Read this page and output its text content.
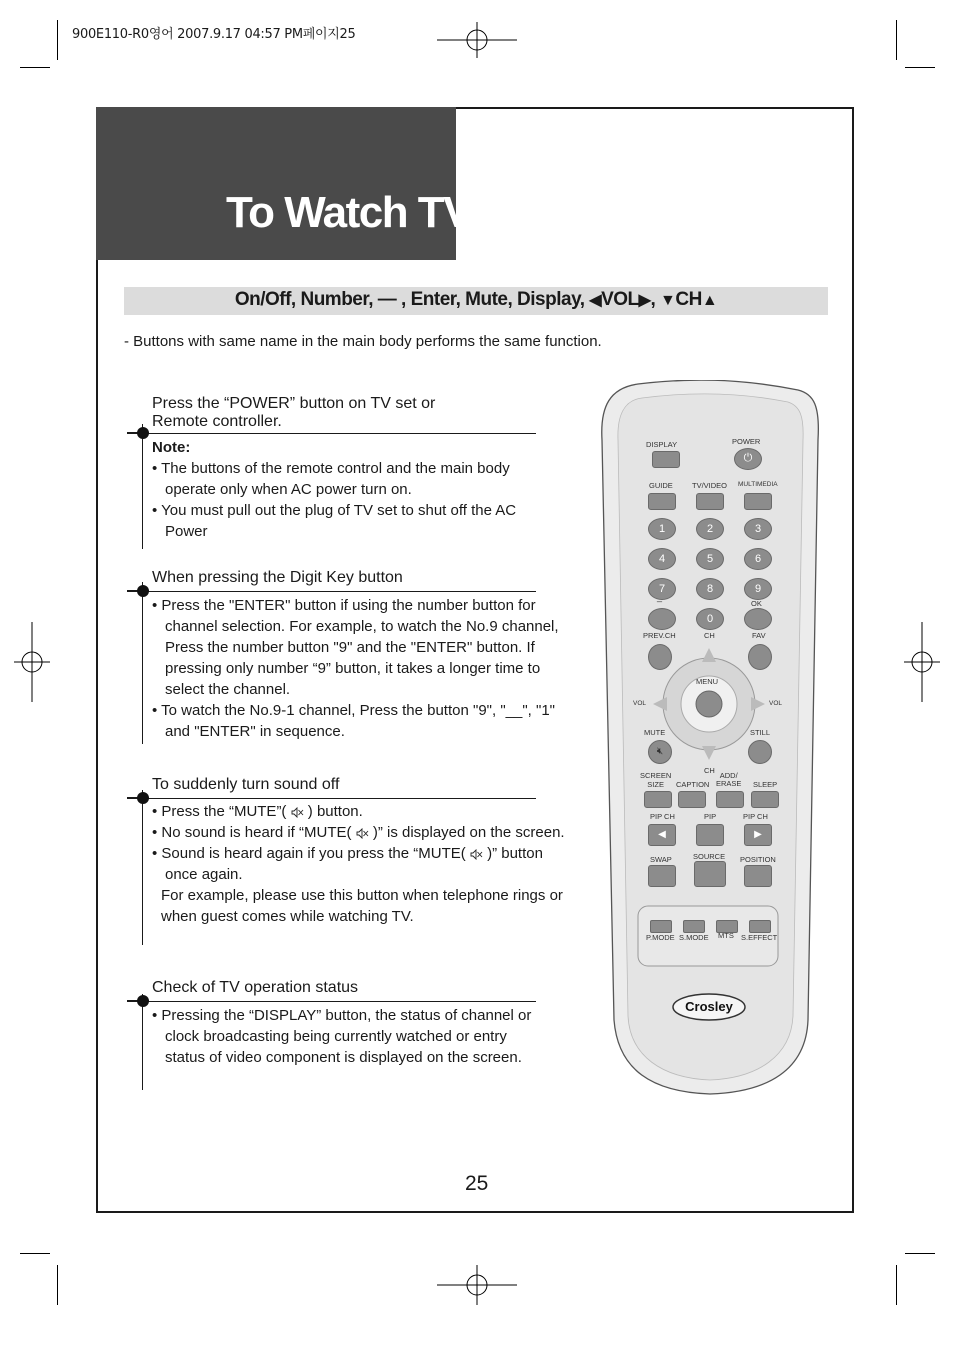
900E110-R0영어 2007.9.17 04:57 PM페이지25
To Watch TV
On/Off, Number, — , Enter, Mute, Display, ◀VOL▶, ▼CH▲
- Buttons with same name in the main body performs the same function.
Press the “POWER” button on TV set or
Remote controller.

Note:

• The buttons of the remote control and the main body operate only when AC power turn on.

• You must pull out the plug of TV set to shut off the AC Power

When pressing the Digit Key button

• Press the "ENTER" button if using the number button for channel selection. For example, to watch the No.9 channel, Press the number button "9" and the "ENTER" button. If pressing only number “9” button, it takes a longer time to select the channel.

• To watch the No.9-1 channel, Press the button "9", "__", "1" and "ENTER" in sequence.

To suddenly turn sound off

• Press the “MUTE”( ) button.

• No sound is heard if “MUTE( )” is displayed on the screen.

• Sound is heard again if you press the “MUTE( )” button once again.

For example, please use this button when telephone rings or when guest comes while watching TV.

Check of TV operation status

• Pressing the “DISPLAY” button, the status of channel or clock broadcasting being currently watched or entry status of video component is displayed on the screen.

25
DISPLAY	POWER
⏻
GUIDE	TV/VIDEO MULTIMEDIA
1	2	3
4	5	6
7	8	9
_
OK
0
PREV.CH	CH	FAV
MENU
VOL	VOL
MUTE	STILL
🔇︎
CH
SCREEN
SIZE	CAPTION
ADD/
ERASE SLEEP
PIP CH	PIP	PIP CH
◀	▶
SWAP	SOURCE POSITION
P.MODE S.MODE MTS S.EFFECT
Crosley
